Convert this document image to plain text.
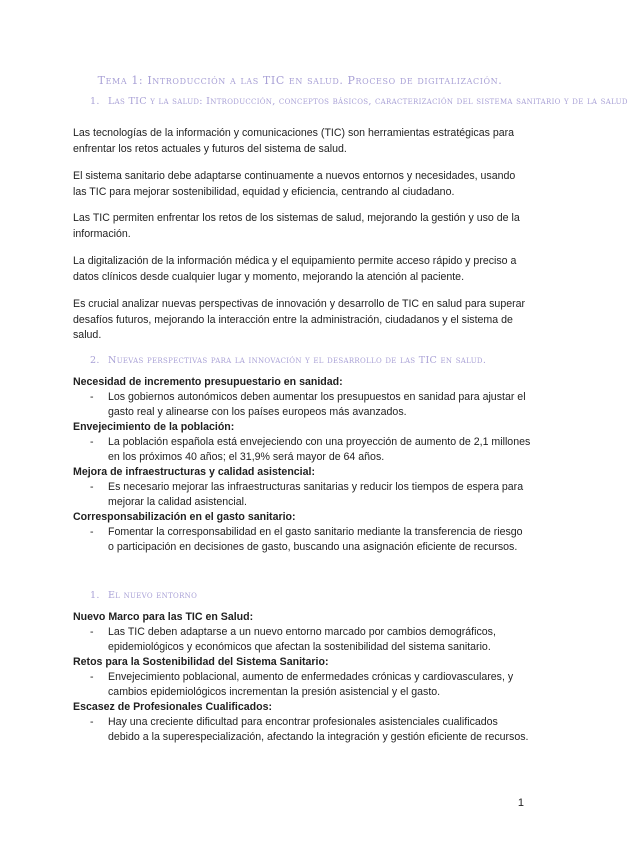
Tema 1: Introducción a las TIC en salud. Proceso de digitalización.
1. Las TIC y la salud: Introducción, conceptos básicos, caracterización del sistema sanitario y de la salud

Las tecnologías de la información y comunicaciones (TIC) son herramientas estratégicas para enfrentar los retos actuales y futuros del sistema de salud.

El sistema sanitario debe adaptarse continuamente a nuevos entornos y necesidades, usando las TIC para mejorar sostenibilidad, equidad y eficiencia, centrando al ciudadano.

Las TIC permiten enfrentar los retos de los sistemas de salud, mejorando la gestión y uso de la información.

La digitalización de la información médica y el equipamiento permite acceso rápido y preciso a datos clínicos desde cualquier lugar y momento, mejorando la atención al paciente.

Es crucial analizar nuevas perspectivas de innovación y desarrollo de TIC en salud para superar desafíos futuros, mejorando la interacción entre la administración, ciudadanos y el sistema de salud.

2. Nuevas perspectivas para la innovación y el desarrollo de las TIC en salud.

Necesidad de incremento presupuestario en sanidad:

- Los gobiernos autonómicos deben aumentar los presupuestos en sanidad para ajustar el gasto real y alinearse con los países europeos más avanzados.

Envejecimiento de la población:

- La población española está envejeciendo con una proyección de aumento de 2,1 millones en los próximos 40 años; el 31,9% será mayor de 64 años.

Mejora de infraestructuras y calidad asistencial:

- Es necesario mejorar las infraestructuras sanitarias y reducir los tiempos de espera para mejorar la calidad asistencial.

Corresponsabilización en el gasto sanitario:

- Fomentar la corresponsabilidad en el gasto sanitario mediante la transferencia de riesgo o participación en decisiones de gasto, buscando una asignación eficiente de recursos.

1. El nuevo entorno

Nuevo Marco para las TIC en Salud:

- Las TIC deben adaptarse a un nuevo entorno marcado por cambios demográficos, epidemiológicos y económicos que afectan la sostenibilidad del sistema sanitario.

Retos para la Sostenibilidad del Sistema Sanitario:

- Envejecimiento poblacional, aumento de enfermedades crónicas y cardiovasculares, y cambios epidemiológicos incrementan la presión asistencial y el gasto.

Escasez de Profesionales Cualificados:

- Hay una creciente dificultad para encontrar profesionales asistenciales cualificados debido a la superespecialización, afectando la integración y gestión eficiente de recursos.

1
